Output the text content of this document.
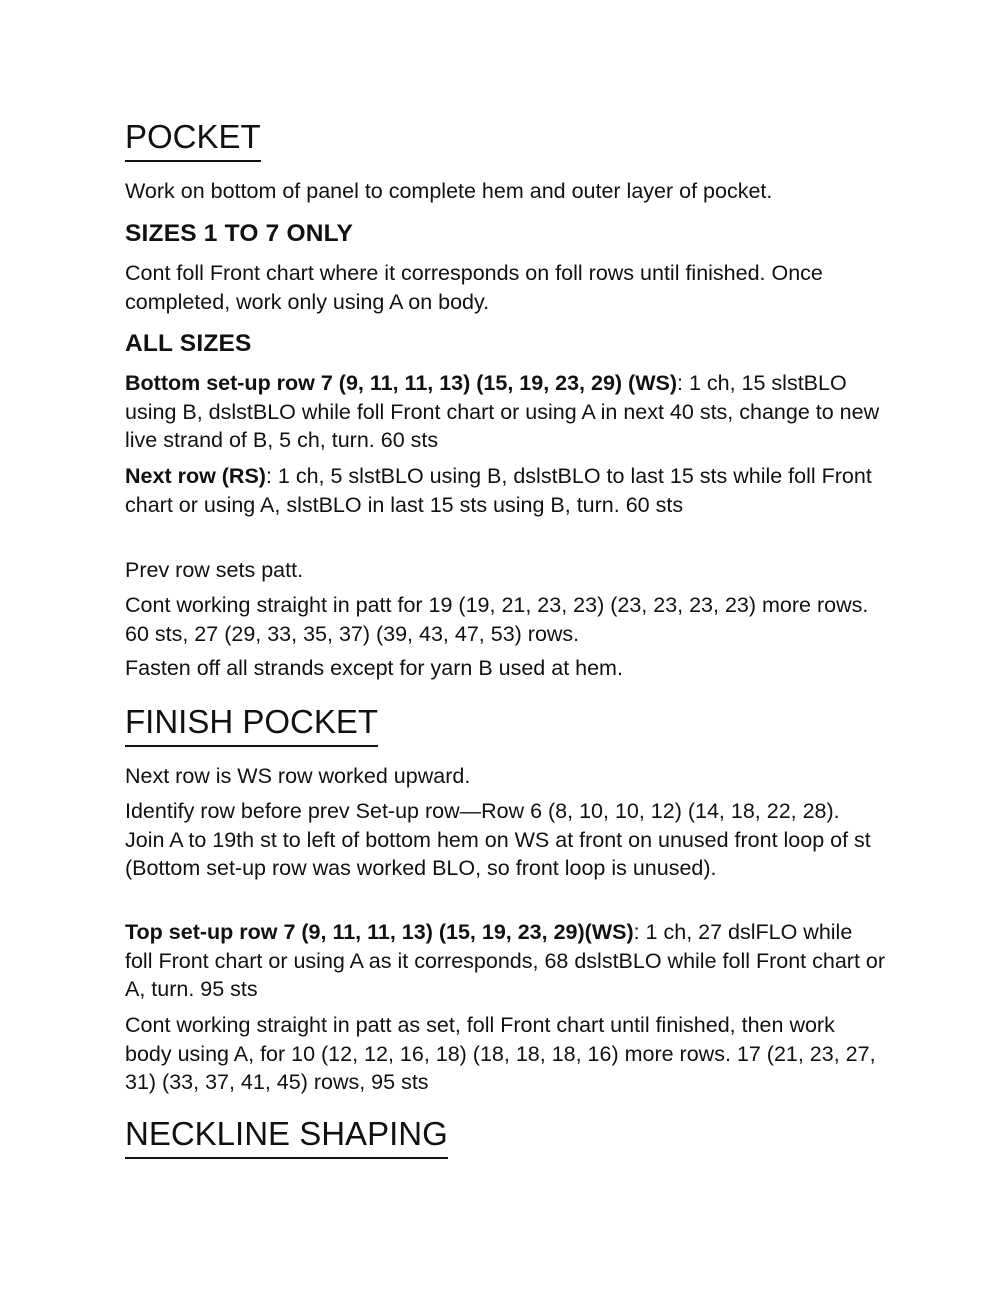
POCKET

Work on bottom of panel to complete hem and outer layer of pocket.

SIZES 1 TO 7 ONLY

Cont foll Front chart where it corresponds on foll rows until finished. Once completed, work only using A on body.

ALL SIZES

Bottom set-up row 7 (9, 11, 11, 13) (15, 19, 23, 29) (WS): 1 ch, 15 slstBLO using B, dslstBLO while foll Front chart or using A in next 40 sts, change to new live strand of B, 5 ch, turn. 60 sts

Next row (RS): 1 ch, 5 slstBLO using B, dslstBLO to last 15 sts while foll Front chart or using A, slstBLO in last 15 sts using B, turn. 60 sts

Prev row sets patt.

Cont working straight in patt for 19 (19, 21, 23, 23) (23, 23, 23, 23) more rows. 60 sts, 27 (29, 33, 35, 37) (39, 43, 47, 53) rows.

Fasten off all strands except for yarn B used at hem.

FINISH POCKET

Next row is WS row worked upward.

Identify row before prev Set-up row—Row 6 (8, 10, 10, 12) (14, 18, 22, 28). Join A to 19th st to left of bottom hem on WS at front on unused front loop of st (Bottom set-up row was worked BLO, so front loop is unused).

Top set-up row 7 (9, 11, 11, 13) (15, 19, 23, 29)(WS): 1 ch, 27 dslFLO while foll Front chart or using A as it corresponds, 68 dslstBLO while foll Front chart or A, turn. 95 sts

Cont working straight in patt as set, foll Front chart until finished, then work body using A, for 10 (12, 12, 16, 18) (18, 18, 18, 16) more rows. 17 (21, 23, 27, 31) (33, 37, 41, 45) rows, 95 sts

NECKLINE SHAPING
